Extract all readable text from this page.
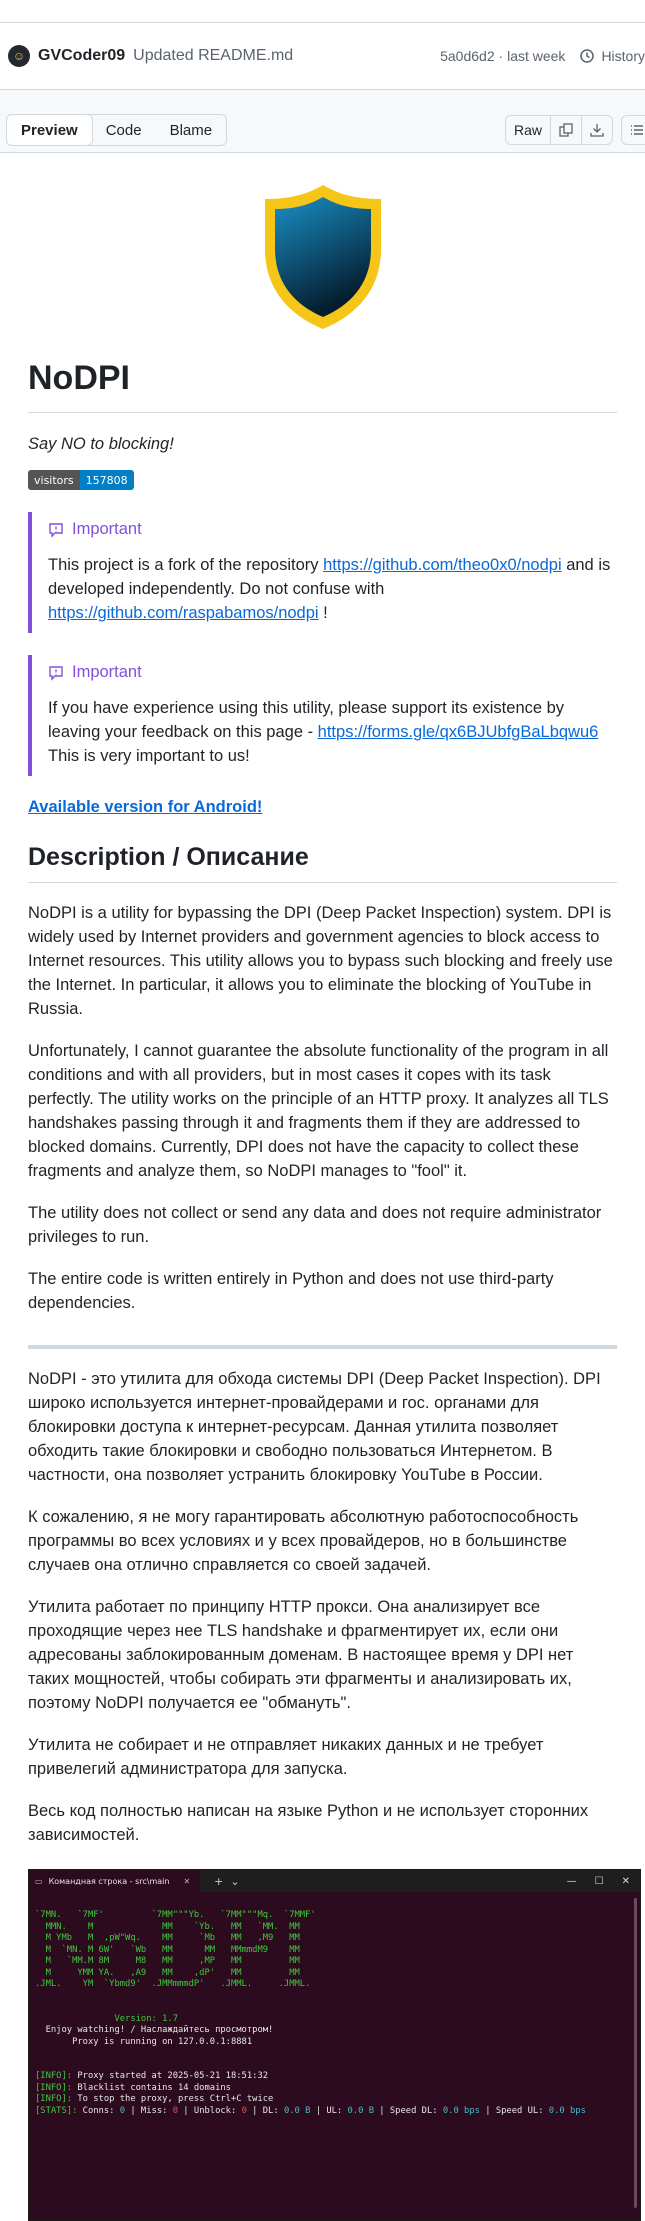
☺ GVCoder09 Updated README.md	5a0d6d2 · last week	History
Preview	Code	Blame	Raw
NoDPI
Say NO to blocking!
visitors	157808
Important

This project is a fork of the repository https://github.com/theo0x0/nodpi and is developed independently. Do not confuse with https://github.com/raspabamos/nodpi !

Important

If you have experience using this utility, please support its existence by leaving your feedback on this page - https://forms.gle/qx6BJUbfgBaLbqwu6 This is very important to us!

Available version for Android!
Description / Описание

NoDPI is a utility for bypassing the DPI (Deep Packet Inspection) system. DPI is widely used by Internet providers and government agencies to block access to Internet resources. This utility allows you to bypass such blocking and freely use the Internet. In particular, it allows you to eliminate the blocking of YouTube in Russia.

Unfortunately, I cannot guarantee the absolute functionality of the program in all conditions and with all providers, but in most cases it copes with its task perfectly. The utility works on the principle of an HTTP proxy. It analyzes all TLS handshakes passing through it and fragments them if they are addressed to blocked domains. Currently, DPI does not have the capacity to collect these fragments and analyze them, so NoDPI manages to "fool" it.

The utility does not collect or send any data and does not require administrator privileges to run.

The entire code is written entirely in Python and does not use third-party dependencies.

NoDPI - это утилита для обхода системы DPI (Deep Packet Inspection). DPI широко используется интернет-провайдерами и гос. органами для блокировки доступа к интернет-ресурсам. Данная утилита позволяет обходить такие блокировки и свободно пользоваться Интернетом. В частности, она позволяет устранить блокировку YouTube в России.

К сожалению, я не могу гарантировать абсолютную работоспособность программы во всех условиях и у всех провайдеров, но в большинстве случаев она отлично справляется со своей задачей.

Утилита работает по принципу HTTP прокси. Она анализирует все проходящие через нее TLS handshake и фрагментирует их, если они адресованы заблокированным доменам. В настоящее время у DPI нет таких мощностей, чтобы собирать эти фрагменты и анализировать их, поэтому NoDPI получается ее "обмануть".

Утилита не собирает и не отправляет никаких данных и не требует привелегий администратора для запуска.

Весь код полностью написан на языке Python и не использует сторонних зависимостей.

▭ Командная строка - src\main ✕ +  ⌄	— ☐ ✕
`7MN.   `7MF'         `7MM"""Yb.   `7MM"""Mq.  `7MMF'
MMN.    M             MM    `Yb.   MM   `MM.  MM
M YMb   M  ,pW"Wq.    MM     `Mb   MM   ,M9   MM
M  `MN. M 6W'   `Wb   MM      MM   MMmmdM9    MM
M   `MM.M 8M     M8   MM     ,MP   MM         MM
M     YMM YA.   ,A9   MM    ,dP'   MM         MM
.JML.    YM  `Ybmd9'  .JMMmmmdP'   .JMML.     .JMML.

Version: 1.7
Enjoy watching! / Наслаждайтесь просмотром!
Proxy is running on 127.0.0.1:8881

[INFO]: Proxy started at 2025-05-21 18:51:32
[INFO]: Blacklist contains 14 domains
[INFO]: To stop the proxy, press Ctrl+C twice
[STATS]: Conns: 0 | Miss: 0 | Unblock: 0 | DL: 0.0 B | UL: 0.0 B | Speed DL: 0.0 bps | Speed UL: 0.0 bps
